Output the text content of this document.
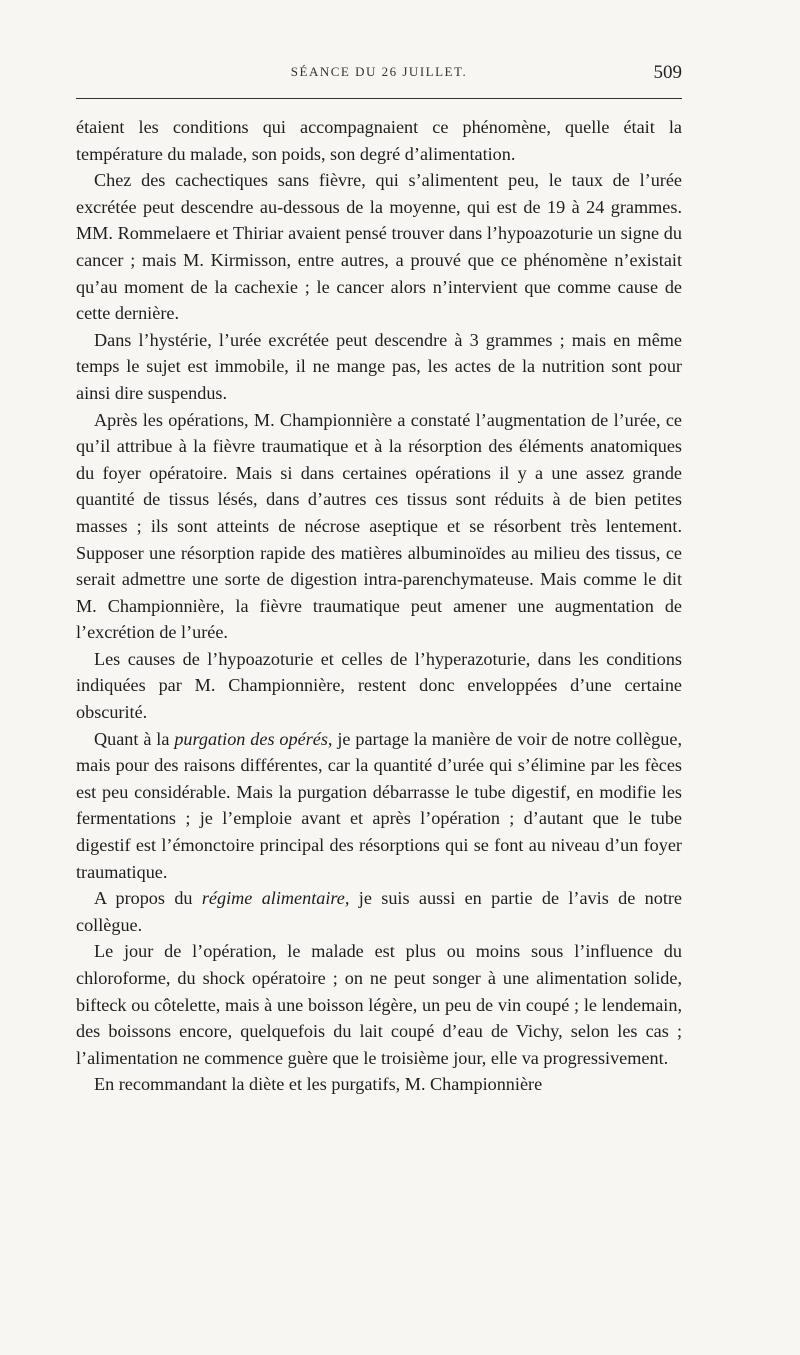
SÉANCE DU 26 JUILLET.	509

étaient les conditions qui accompagnaient ce phénomène, quelle était la température du malade, son poids, son degré d’alimentation.

Chez des cachectiques sans fièvre, qui s’alimentent peu, le taux de l’urée excrétée peut descendre au-dessous de la moyenne, qui est de 19 à 24 grammes. MM. Rommelaere et Thiriar avaient pensé trouver dans l’hypoazoturie un signe du cancer ; mais M. Kirmisson, entre autres, a prouvé que ce phénomène n’existait qu’au moment de la cachexie ; le cancer alors n’intervient que comme cause de cette dernière.

Dans l’hystérie, l’urée excrétée peut descendre à 3 grammes ; mais en même temps le sujet est immobile, il ne mange pas, les actes de la nutrition sont pour ainsi dire suspendus.

Après les opérations, M. Championnière a constaté l’augmentation de l’urée, ce qu’il attribue à la fièvre traumatique et à la résorption des éléments anatomiques du foyer opératoire. Mais si dans certaines opérations il y a une assez grande quantité de tissus lésés, dans d’autres ces tissus sont réduits à de bien petites masses ; ils sont atteints de nécrose aseptique et se résorbent très lentement. Supposer une résorption rapide des matières albuminoïdes au milieu des tissus, ce serait admettre une sorte de digestion intra-parenchymateuse. Mais comme le dit M. Championnière, la fièvre traumatique peut amener une augmentation de l’excrétion de l’urée.

Les causes de l’hypoazoturie et celles de l’hyperazoturie, dans les conditions indiquées par M. Championnière, restent donc enveloppées d’une certaine obscurité.

Quant à la purgation des opérés, je partage la manière de voir de notre collègue, mais pour des raisons différentes, car la quantité d’urée qui s’élimine par les fèces est peu considérable. Mais la purgation débarrasse le tube digestif, en modifie les fermentations ; je l’emploie avant et après l’opération ; d’autant que le tube digestif est l’émonctoire principal des résorptions qui se font au niveau d’un foyer traumatique.

A propos du régime alimentaire, je suis aussi en partie de l’avis de notre collègue.

Le jour de l’opération, le malade est plus ou moins sous l’influence du chloroforme, du shock opératoire ; on ne peut songer à une alimentation solide, bifteck ou côtelette, mais à une boisson légère, un peu de vin coupé ; le lendemain, des boissons encore, quelquefois du lait coupé d’eau de Vichy, selon les cas ; l’alimentation ne commence guère que le troisième jour, elle va progressivement.

En recommandant la diète et les purgatifs, M. Championnière
